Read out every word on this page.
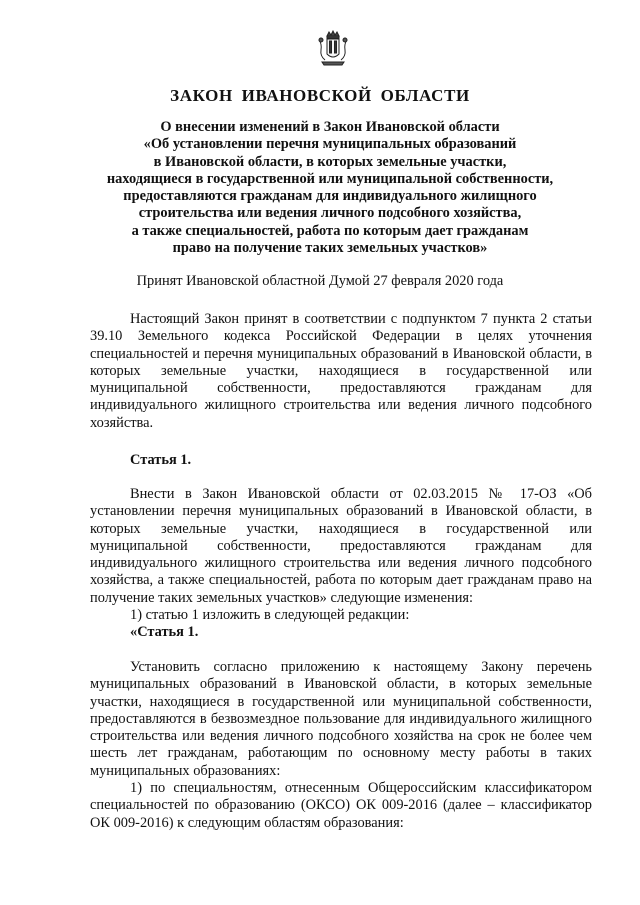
ЗАКОН ИВАНОВСКОЙ ОБЛАСТИ
О внесении изменений в Закон Ивановской области
«Об установлении перечня муниципальных образований
в Ивановской области, в которых земельные участки,
находящиеся в государственной или муниципальной собственности,
предоставляются гражданам для индивидуального жилищного
строительства или ведения личного подсобного хозяйства,
а также специальностей, работа по которым дает гражданам
право на получение таких земельных участков»
Принят Ивановской областной Думой 27 февраля 2020 года

Настоящий Закон принят в соответствии с подпунктом 7 пункта 2 статьи 39.10 Земельного кодекса Российской Федерации в целях уточнения специальностей и перечня муниципальных образований в Ивановской области, в которых земельные участки, находящиеся в государственной или муниципальной собственности, предоставляются гражданам для индивидуального жилищного строительства или ведения личного подсобного хозяйства.

Статья 1.

Внести в Закон Ивановской области от 02.03.2015 № 17-ОЗ «Об установлении перечня муниципальных образований в Ивановской области, в которых земельные участки, находящиеся в государственной или муниципальной собственности, предоставляются гражданам для индивидуального жилищного строительства или ведения личного подсобного хозяйства, а также специальностей, работа по которым дает гражданам право на получение таких земельных участков» следующие изменения:

1) статью 1 изложить в следующей редакции:

«Статья 1.

Установить согласно приложению к настоящему Закону перечень муниципальных образований в Ивановской области, в которых земельные участки, находящиеся в государственной или муниципальной собственности, предоставляются в безвозмездное пользование для индивидуального жилищного строительства или ведения личного подсобного хозяйства на срок не более чем шесть лет гражданам, работающим по основному месту работы в таких муниципальных образованиях:

1) по специальностям, отнесенным Общероссийским классификатором специальностей по образованию (ОКСО) ОК 009-2016 (далее – классификатор ОК 009-2016) к следующим областям образования:
